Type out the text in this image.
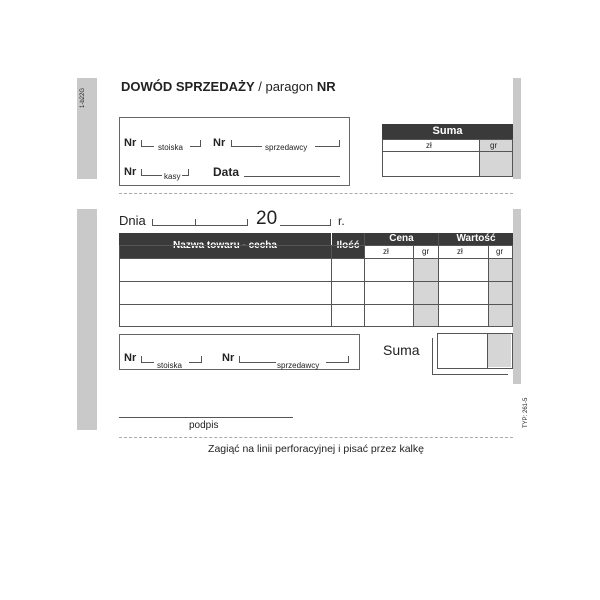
1-b22G
DOWÓD SPRZEDAŻY / paragon NR
Nr	stoiska	Nr	sprzedawcy
Nr	kasy	Data
Suma
zł	gr
TYP: 261-5
Dnia	20	r.
Nazwa towaru - cecha	Ilość
Cena	Wartość
zł	gr	zł	gr
Nr
stoiska
Nr
sprzedawcy
Suma
podpis
Zagiąć na linii perforacyjnej i pisać przez kalkę
